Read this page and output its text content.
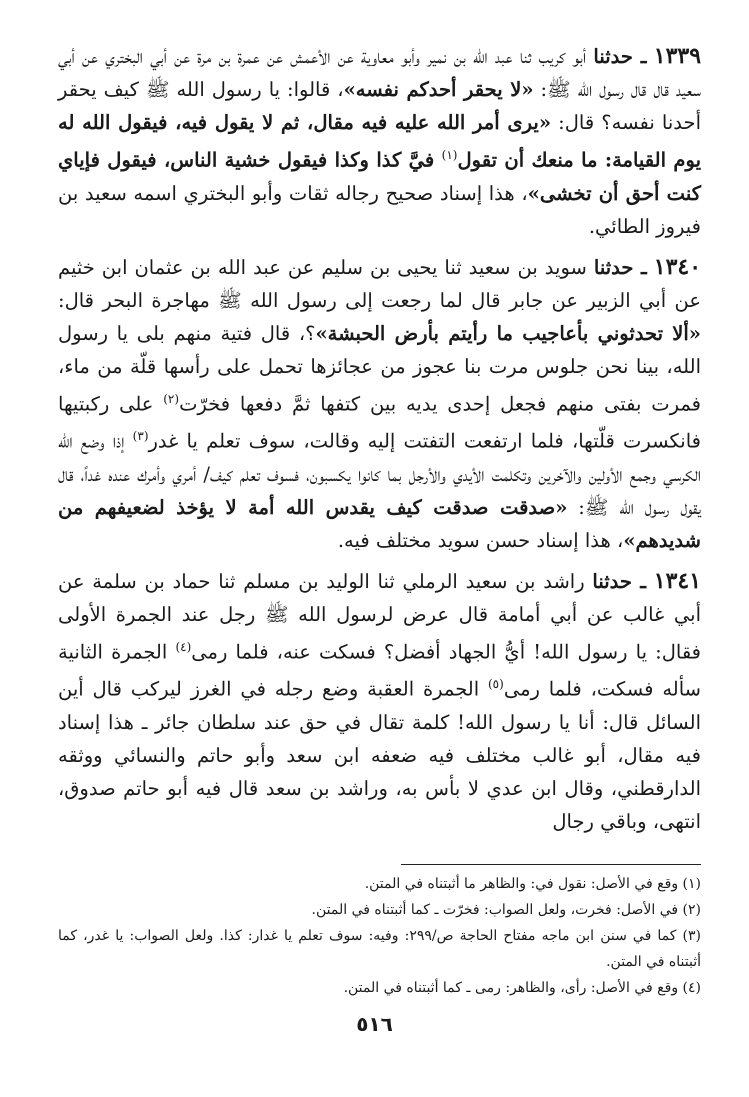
١٣٣٩ ـ حدثنا أبو كريب ثنا عبد الله بن نمير وأبو معاوية عن الأعمش عن عمرة بن مرة عن أبي البختري عن أبي سعيد قال قال رسول الله ﷺ: «لا يحقر أحدكم نفسه»، قالوا: يا رسول الله ﷺ كيف يحقر أحدنا نفسه؟ قال: «يرى أمر الله عليه فيه مقال، ثم لا يقول فيه، فيقول الله له يوم القيامة: ما منعك أن تقول$^{(١)}$ فيَّ كذا وكذا فيقول خشية الناس، فيقول فإياي كنت أحق أن تخشى»، هذا إسناد صحيح رجاله ثقات وأبو البختري اسمه سعيد بن فيروز الطائي.

١٣٤٠ ـ حدثنا سويد بن سعيد ثنا يحيى بن سليم عن عبد الله بن عثمان ابن خثيم عن أبي الزبير عن جابر قال لما رجعت إلى رسول الله ﷺ مهاجرة البحر قال: «ألا تحدثوني بأعاجيب ما رأيتم بأرض الحبشة»؟، قال فتية منهم بلى يا رسول الله، بينا نحن جلوس مرت بنا عجوز من عجائزها تحمل على رأسها قلّة من ماء، فمرت بفتى منهم فجعل إحدى يديه بين كتفها ثمَّ دفعها فخرّت$^{(٢)}$ على ركبتيها فانكسرت قلّتها، فلما ارتفعت التفتت إليه وقالت، سوف تعلم يا غدر$^{(٣)}$ إذا وضع الله الكرسي وجمع الأولين والآخرين وتكلمت الأيدي والأرجل بما كانوا يكسبون، فسوف تعلم كيف/ أمري وأمرك عنده غداً، قال يقول رسول الله ﷺ: «صدقت صدقت كيف يقدس الله أمة لا يؤخذ لضعيفهم من شديدهم»، هذا إسناد حسن سويد مختلف فيه.

١٣٤١ ـ حدثنا راشد بن سعيد الرملي ثنا الوليد بن مسلم ثنا حماد بن سلمة عن أبي غالب عن أبي أمامة قال عرض لرسول الله ﷺ رجل عند الجمرة الأولى فقال: يا رسول الله! أيُّ الجهاد أفضل؟ فسكت عنه، فلما رمى$^{(٤)}$ الجمرة الثانية سأله فسكت، فلما رمى$^{(٥)}$ الجمرة العقبة وضع رجله في الغرز ليركب قال أين السائل قال: أنا يا رسول الله! كلمة تقال في حق عند سلطان جائر ـ هذا إسناد فيه مقال، أبو غالب مختلف فيه ضعفه ابن سعد وأبو حاتم والنسائي ووثقه الدارقطني، وقال ابن عدي لا بأس به، وراشد بن سعد قال فيه أبو حاتم صدوق، انتهى، وباقي رجال

(١) وقع في الأصل: نقول في: والظاهر ما أثبتناه في المتن.

(٢) في الأصل: فخرت، ولعل الصواب: فخرّت ـ كما أثبتناه في المتن.

(٣) كما في سنن ابن ماجه مفتاح الحاجة ص/٢٩٩: وفيه: سوف تعلم يا غدار: كذا. ولعل الصواب: يا غدر، كما أثبتناه في المتن.

(٤) وقع في الأصل: رأى، والظاهر: رمى ـ كما أثبتناه في المتن.

٥١٦
